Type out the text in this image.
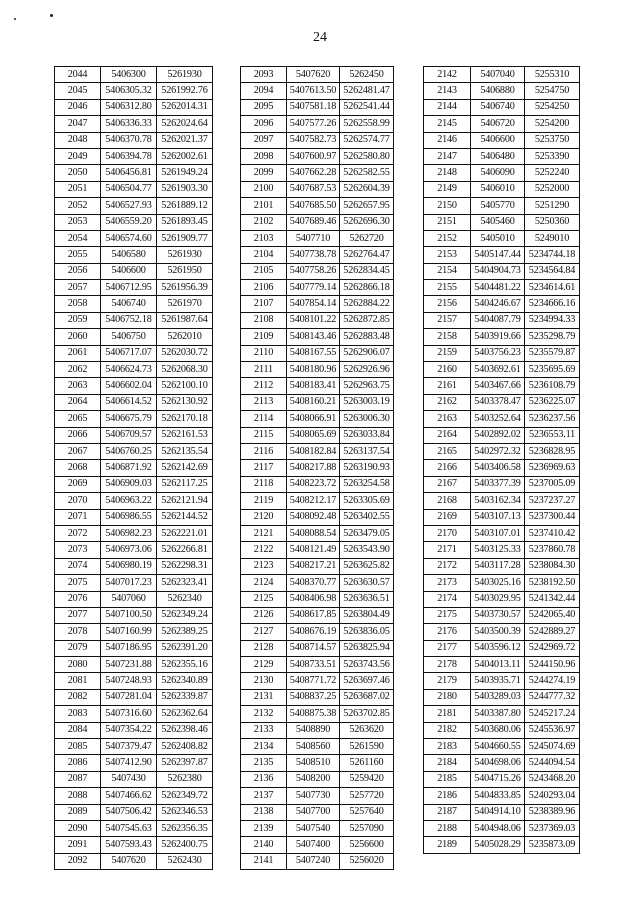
24
2044	5406300	5261930
2045	5406305.32	5261992.76
2046	5406312.80	5262014.31
2047	5406336.33	5262024.64
2048	5406370.78	5262021.37
2049	5406394.78	5262002.61
2050	5406456.81	5261949.24
2051	5406504.77	5261903.30
2052	5406527.93	5261889.12
2053	5406559.20	5261893.45
2054	5406574.60	5261909.77
2055	5406580	5261930
2056	5406600	5261950
2057	5406712.95	5261956.39
2058	5406740	5261970
2059	5406752.18	5261987.64
2060	5406750	5262010
2061	5406717.07	5262030.72
2062	5406624.73	5262068.30
2063	5406602.04	5262100.10
2064	5406614.52	5262130.92
2065	5406675.79	5262170.18
2066	5406709.57	5262161.53
2067	5406760.25	5262135.54
2068	5406871.92	5262142.69
2069	5406909.03	5262117.25
2070	5406963.22	5262121.94
2071	5406986.55	5262144.52
2072	5406982.23	5262221.01
2073	5406973.06	5262266.81
2074	5406980.19	5262298.31
2075	5407017.23	5262323.41
2076	5407060	5262340
2077	5407100.50	5262349.24
2078	5407160.99	5262389.25
2079	5407186.95	5262391.20
2080	5407231.88	5262355.16
2081	5407248.93	5262340.89
2082	5407281.04	5262339.87
2083	5407316.60	5262362.64
2084	5407354.22	5262398.46
2085	5407379.47	5262408.82
2086	5407412.90	5262397.87
2087	5407430	5262380
2088	5407466.62	5262349.72
2089	5407506.42	5262346.53
2090	5407545.63	5262356.35
2091	5407593.43	5262400.75
2092	5407620	5262430
2093	5407620	5262450
2094	5407613.50	5262481.47
2095	5407581.18	5262541.44
2096	5407577.26	5262558.99
2097	5407582.73	5262574.77
2098	5407600.97	5262580.80
2099	5407662.28	5262582.55
2100	5407687.53	5262604.39
2101	5407685.50	5262657.95
2102	5407689.46	5262696.30
2103	5407710	5262720
2104	5407738.78	5262764.47
2105	5407758.26	5262834.45
2106	5407779.14	5262866.18
2107	5407854.14	5262884.22
2108	5408101.22	5262872.85
2109	5408143.46	5262883.48
2110	5408167.55	5262906.07
2111	5408180.96	5262926.96
2112	5408183.41	5262963.75
2113	5408160.21	5263003.19
2114	5408066.91	5263006.30
2115	5408065.69	5263033.84
2116	5408182.84	5263137.54
2117	5408217.88	5263190.93
2118	5408223.72	5263254.58
2119	5408212.17	5263305.69
2120	5408092.48	5263402.55
2121	5408088.54	5263479.05
2122	5408121.49	5263543.90
2123	5408217.21	5263625.82
2124	5408370.77	5263630.57
2125	5408406.98	5263636.51
2126	5408617.85	5263804.49
2127	5408676.19	5263836.05
2128	5408714.57	5263825.94
2129	5408733.51	5263743.56
2130	5408771.72	5263697.46
2131	5408837.25	5263687.02
2132	5408875.38	5263702.85
2133	5408890	5263620
2134	5408560	5261590
2135	5408510	5261160
2136	5408200	5259420
2137	5407730	5257720
2138	5407700	5257640
2139	5407540	5257090
2140	5407400	5256600
2141	5407240	5256020
2142	5407040	5255310
2143	5406880	5254750
2144	5406740	5254250
2145	5406720	5254200
2146	5406600	5253750
2147	5406480	5253390
2148	5406090	5252240
2149	5406010	5252000
2150	5405770	5251290
2151	5405460	5250360
2152	5405010	5249010
2153	5405147.44	5234744.18
2154	5404904.73	5234564.84
2155	5404481.22	5234614.61
2156	5404246.67	5234666.16
2157	5404087.79	5234994.33
2158	5403919.66	5235298.79
2159	5403756.23	5235579.87
2160	5403692.61	5235695.69
2161	5403467.66	5236108.79
2162	5403378.47	5236225.07
2163	5403252.64	5236237.56
2164	5402892.02	5236553.11
2165	5402972.32	5236828.95
2166	5403406.58	5236969.63
2167	5403377.39	5237005.09
2168	5403162.34	5237237.27
2169	5403107.13	5237300.44
2170	5403107.01	5237410.42
2171	5403125.33	5237860.78
2172	5403117.28	5238084.30
2173	5403025.16	5238192.50
2174	5403029.95	5241342.44
2175	5403730.57	5242065.40
2176	5403500.39	5242889.27
2177	5403596.12	5242969.72
2178	5404013.11	5244150.96
2179	5403935.71	5244274.19
2180	5403289.03	5244777.32
2181	5403387.80	5245217.24
2182	5403680.06	5245536.97
2183	5404660.55	5245074.69
2184	5404698.06	5244094.54
2185	5404715.26	5243468.20
2186	5404833.85	5240293.04
2187	5404914.10	5238389.96
2188	5404948.06	5237369.03
2189	5405028.29	5235873.09
